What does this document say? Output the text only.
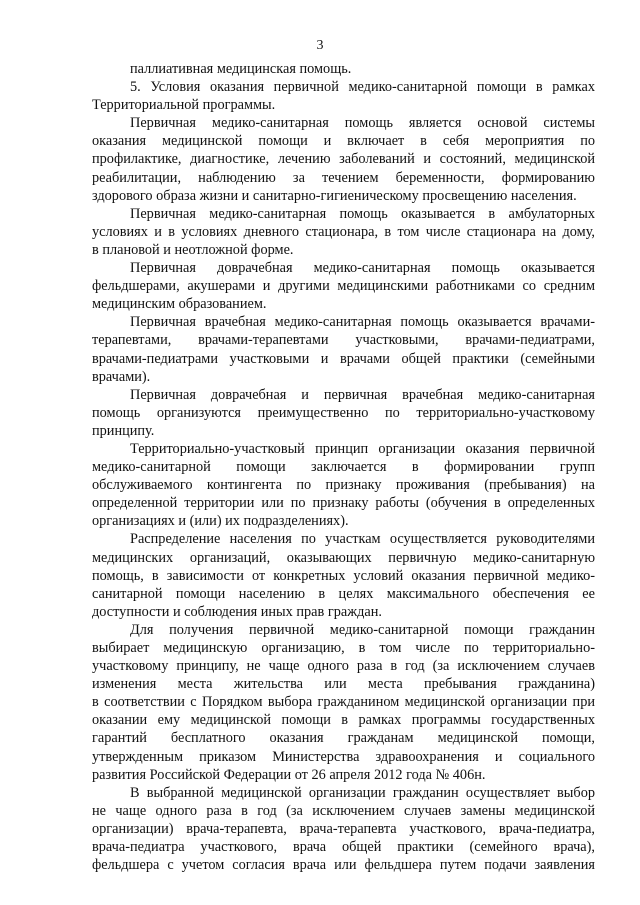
3
паллиативная медицинская помощь.
5. Условия оказания первичной медико-санитарной помощи в рамках
Территориальной программы.
Первичная медико-санитарная помощь является основой системы
оказания медицинской помощи и включает в себя мероприятия по
профилактике, диагностике, лечению заболеваний и состояний, медицинской
реабилитации, наблюдению за течением беременности, формированию
здорового образа жизни и санитарно-гигиеническому просвещению населения.
Первичная медико-санитарная помощь оказывается в амбулаторных
условиях и в условиях дневного стационара, в том числе стационара на дому,
в плановой и неотложной форме.
Первичная доврачебная медико-санитарная помощь оказывается
фельдшерами, акушерами и другими медицинскими работниками со средним
медицинским образованием.
Первичная врачебная медико-санитарная помощь оказывается врачами-
терапевтами, врачами-терапевтами участковыми, врачами-педиатрами,
врачами-педиатрами участковыми и врачами общей практики (семейными
врачами).
Первичная доврачебная и первичная врачебная медико-санитарная
помощь организуются преимущественно по территориально-участковому
принципу.
Территориально-участковый принцип организации оказания первичной
медико-санитарной помощи заключается в формировании групп
обслуживаемого контингента по признаку проживания (пребывания) на
определенной территории или по признаку работы (обучения в определенных
организациях и (или) их подразделениях).
Распределение населения по участкам осуществляется руководителями
медицинских организаций, оказывающих первичную медико-санитарную
помощь, в зависимости от конкретных условий оказания первичной медико-
санитарной помощи населению в целях максимального обеспечения ее
доступности и соблюдения иных прав граждан.
Для получения первичной медико-санитарной помощи гражданин
выбирает медицинскую организацию, в том числе по территориально-
участковому принципу, не чаще одного раза в год (за исключением случаев
изменения места жительства или места пребывания гражданина)
в соответствии с Порядком выбора гражданином медицинской организации при
оказании ему медицинской помощи в рамках программы государственных
гарантий бесплатного оказания гражданам медицинской помощи,
утвержденным приказом Министерства здравоохранения и социального
развития Российской Федерации от 26 апреля 2012 года № 406н.
В выбранной медицинской организации гражданин осуществляет выбор
не чаще одного раза в год (за исключением случаев замены медицинской
организации) врача-терапевта, врача-терапевта участкового, врача-педиатра,
врача-педиатра участкового, врача общей практики (семейного врача),
фельдшера с учетом согласия врача или фельдшера путем подачи заявления
